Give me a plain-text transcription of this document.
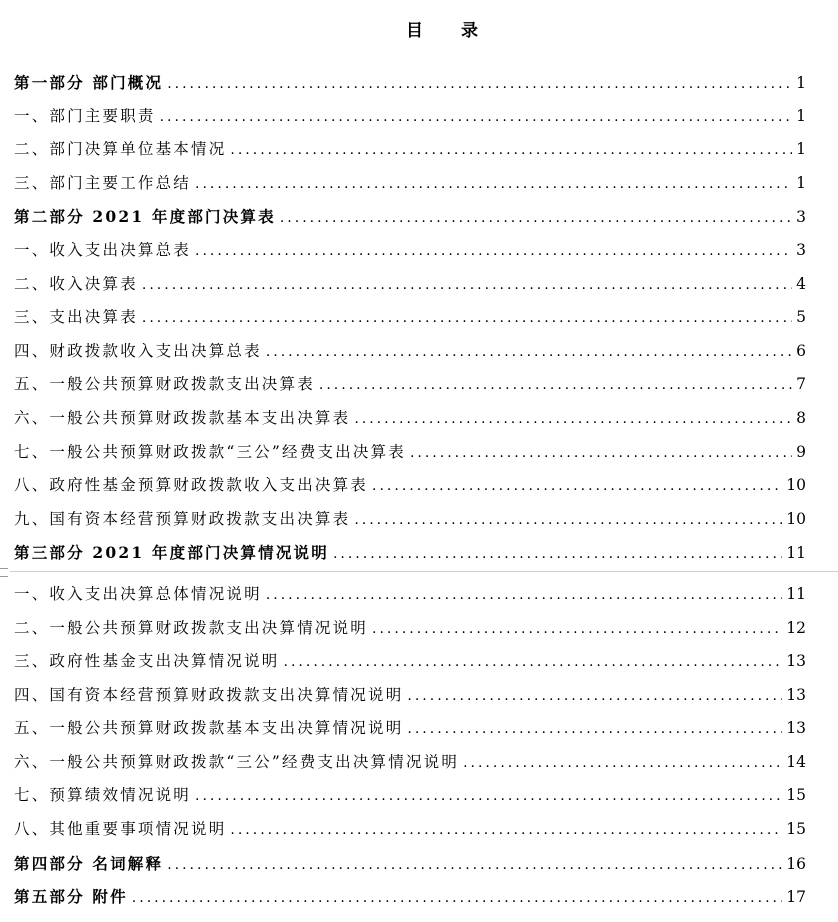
目 录
第一部分 部门概况 .....	1
一、部门主要职责 .....	1
二、部门决算单位基本情况 .....	1
三、部门主要工作总结 .....	1
第二部分 2021 年度部门决算表 .....	3
一、收入支出决算总表 .....	3
二、收入决算表 .....	4
三、支出决算表 .....	5
四、财政拨款收入支出决算总表 .....	6
五、一般公共预算财政拨款支出决算表 .....	7
六、一般公共预算财政拨款基本支出决算表 .....	8
七、一般公共预算财政拨款“三公”经费支出决算表 .....	9
八、政府性基金预算财政拨款收入支出决算表 .....	10
九、国有资本经营预算财政拨款支出决算表 .....	10
第三部分 2021 年度部门决算情况说明 .....	11
一、收入支出决算总体情况说明 .....	11
二、一般公共预算财政拨款支出决算情况说明 .....	12
三、政府性基金支出决算情况说明 .....	13
四、国有资本经营预算财政拨款支出决算情况说明 .....	13
五、一般公共预算财政拨款基本支出决算情况说明 .....	13
六、一般公共预算财政拨款“三公”经费支出决算情况说明 .....	14
七、预算绩效情况说明 .....	15
八、其他重要事项情况说明 .....	15
第四部分 名词解释 .....	16
第五部分 附件 .....	17
